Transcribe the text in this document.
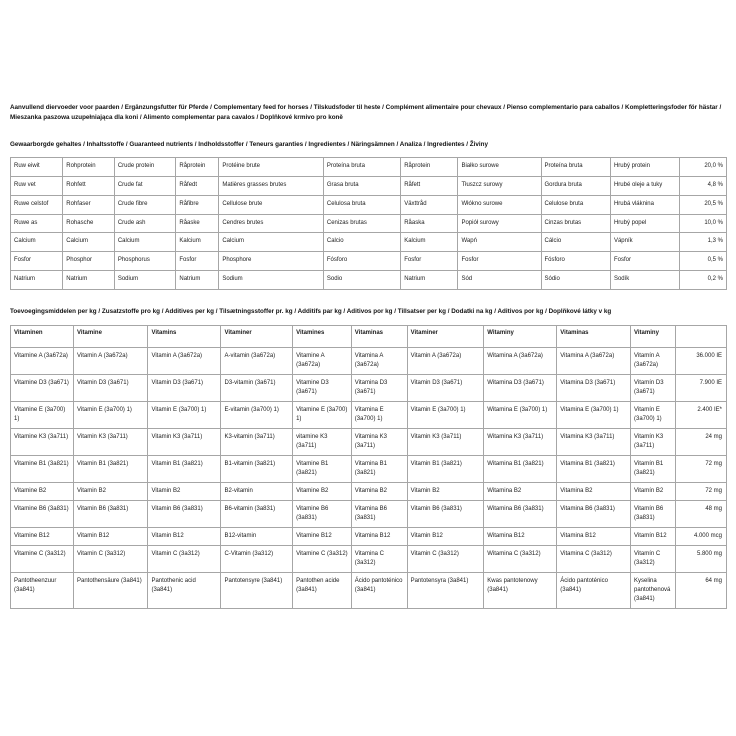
Aanvullend diervoeder voor paarden / Ergänzungsfutter für Pferde / Complementary feed for horses / Tilskudsfoder til heste / Complément alimentaire pour chevaux / Pienso complementario para caballos / Kompletteringsfoder för hästar / Mieszanka paszowa uzupełniająca dla koni / Alimento complementar para cavalos / Doplňkové krmivo pro koně

Gewaarborgde gehaltes / Inhaltsstoffe / Guaranteed nutrients / Indholdsstoffer / Teneurs garanties / Ingredientes / Näringsämnen / Analiza / Ingredientes / Živiny

Ruw eiwit	Rohprotein	Crude protein	Råprotein	Protéine brute	Proteína bruta	Råprotein	Białko surowe	Proteína bruta	Hrubý protein	20,0 %
Ruw vet	Rohfett	Crude fat	Råfedt	Matières grasses brutes	Grasa bruta	Råfett	Tłuszcz surowy	Gordura bruta	Hrubé oleje a tuky	4,8 %
Ruwe celstof	Rohfaser	Crude fibre	Råfibre	Cellulose brute	Celulosa bruta	Växttråd	Włókno surowe	Celulose bruta	Hrubá vláknina	20,5 %
Ruwe as	Rohasche	Crude ash	Råaske	Cendres brutes	Cenizas brutas	Råaska	Popiół surowy	Cinzas brutas	Hrubý popel	10,0 %
Calcium	Calcium	Calcium	Kalcium	Calcium	Calcio	Kalcium	Wapń	Cálcio	Vápník	1,3 %
Fosfor	Phosphor	Phosphorus	Fosfor	Phosphore	Fósforo	Fosfor	Fosfor	Fósforo	Fosfor	0,5 %
Natrium	Natrium	Sodium	Natrium	Sodium	Sodio	Natrium	Sód	Sódio	Sodík	0,2 %

Toevoegingsmiddelen per kg / Zusatzstoffe pro kg / Additives per kg / Tilsætningsstoffer pr. kg / Additifs par kg / Aditivos por kg / Tillsatser per kg / Dodatki na kg / Aditivos por kg / Doplňkové látky v kg

Vitaminen	Vitamine	Vitamins	Vitaminer	Vitamines	Vitaminas	Vitaminer	Witaminy	Vitaminas	Vitaminy	
Vitamine A (3a672a)	Vitamin A (3a672a)	Vitamin A (3a672a)	A-vitamin (3a672a)	Vitamine A (3a672a)	Vitamina A (3a672a)	Vitamin A (3a672a)	Witamina A (3a672a)	Vitamina A (3a672a)	Vitamín A (3a672a)	36.000 IE
Vitamine D3 (3a671)	Vitamin D3 (3a671)	Vitamin D3 (3a671)	D3-vitamin (3a671)	Vitamine D3 (3a671)	Vitamina D3 (3a671)	Vitamin D3 (3a671)	Witamina D3 (3a671)	Vitamina D3 (3a671)	Vitamín D3 (3a671)	7.900 IE
Vitamine E (3a700) 1)	Vitamin E (3a700) 1)	Vitamin E (3a700) 1)	E-vitamin (3a700) 1)	Vitamine E (3a700) 1)	Vitamina E (3a700) 1)	Vitamin E (3a700) 1)	Witamina E (3a700) 1)	Vitamina E (3a700) 1)	Vitamín E (3a700) 1)	2.400 IE*
Vitamine K3 (3a711)	Vitamin K3 (3a711)	Vitamin K3 (3a711)	K3-vitamin (3a711)	vitamine K3 (3a711)	Vitamina K3 (3a711)	Vitamin K3 (3a711)	Witamina K3 (3a711)	Vitamina K3 (3a711)	Vitamín K3 (3a711)	24 mg
Vitamine B1 (3a821)	Vitamin B1 (3a821)	Vitamin B1 (3a821)	B1-vitamin (3a821)	Vitamine B1 (3a821)	Vitamina B1 (3a821)	Vitamin B1 (3a821)	Witamina B1 (3a821)	Vitamina B1 (3a821)	Vitamín B1 (3a821)	72 mg
Vitamine B2	Vitamin B2	Vitamin B2	B2-vitamin	Vitamine B2	Vitamina B2	Vitamin B2	Witamina B2	Vitamina B2	Vitamín B2	72 mg
Vitamine B6 (3a831)	Vitamin B6 (3a831)	Vitamin B6 (3a831)	B6-vitamin (3a831)	Vitamine B6 (3a831)	Vitamina B6 (3a831)	Vitamin B6 (3a831)	Witamina B6 (3a831)	Vitamina B6 (3a831)	Vitamín B6 (3a831)	48 mg
Vitamine B12	Vitamin B12	Vitamin B12	B12-vitamin	Vitamine B12	Vitamina B12	Vitamin B12	Witamina B12	Vitamina B12	Vitamín B12	4.000 mcg
Vitamine C (3a312)	Vitamin C (3a312)	Vitamin C (3a312)	C-Vitamin (3a312)	Vitamine C (3a312)	Vitamina C (3a312)	Vitamin C (3a312)	Witamina C (3a312)	Vitamina C (3a312)	Vitamín C (3a312)	5.800 mg
Pantotheenzuur (3a841)	Pantothensäure (3a841)	Pantothenic acid (3a841)	Pantotensyre (3a841)	Pantothen acide (3a841)	Ácido pantoténico (3a841)	Pantotensyra (3a841)	Kwas pantotenowy (3a841)	Ácido pantoténico (3a841)	Kyselina pantothenová (3a841)	64 mg
